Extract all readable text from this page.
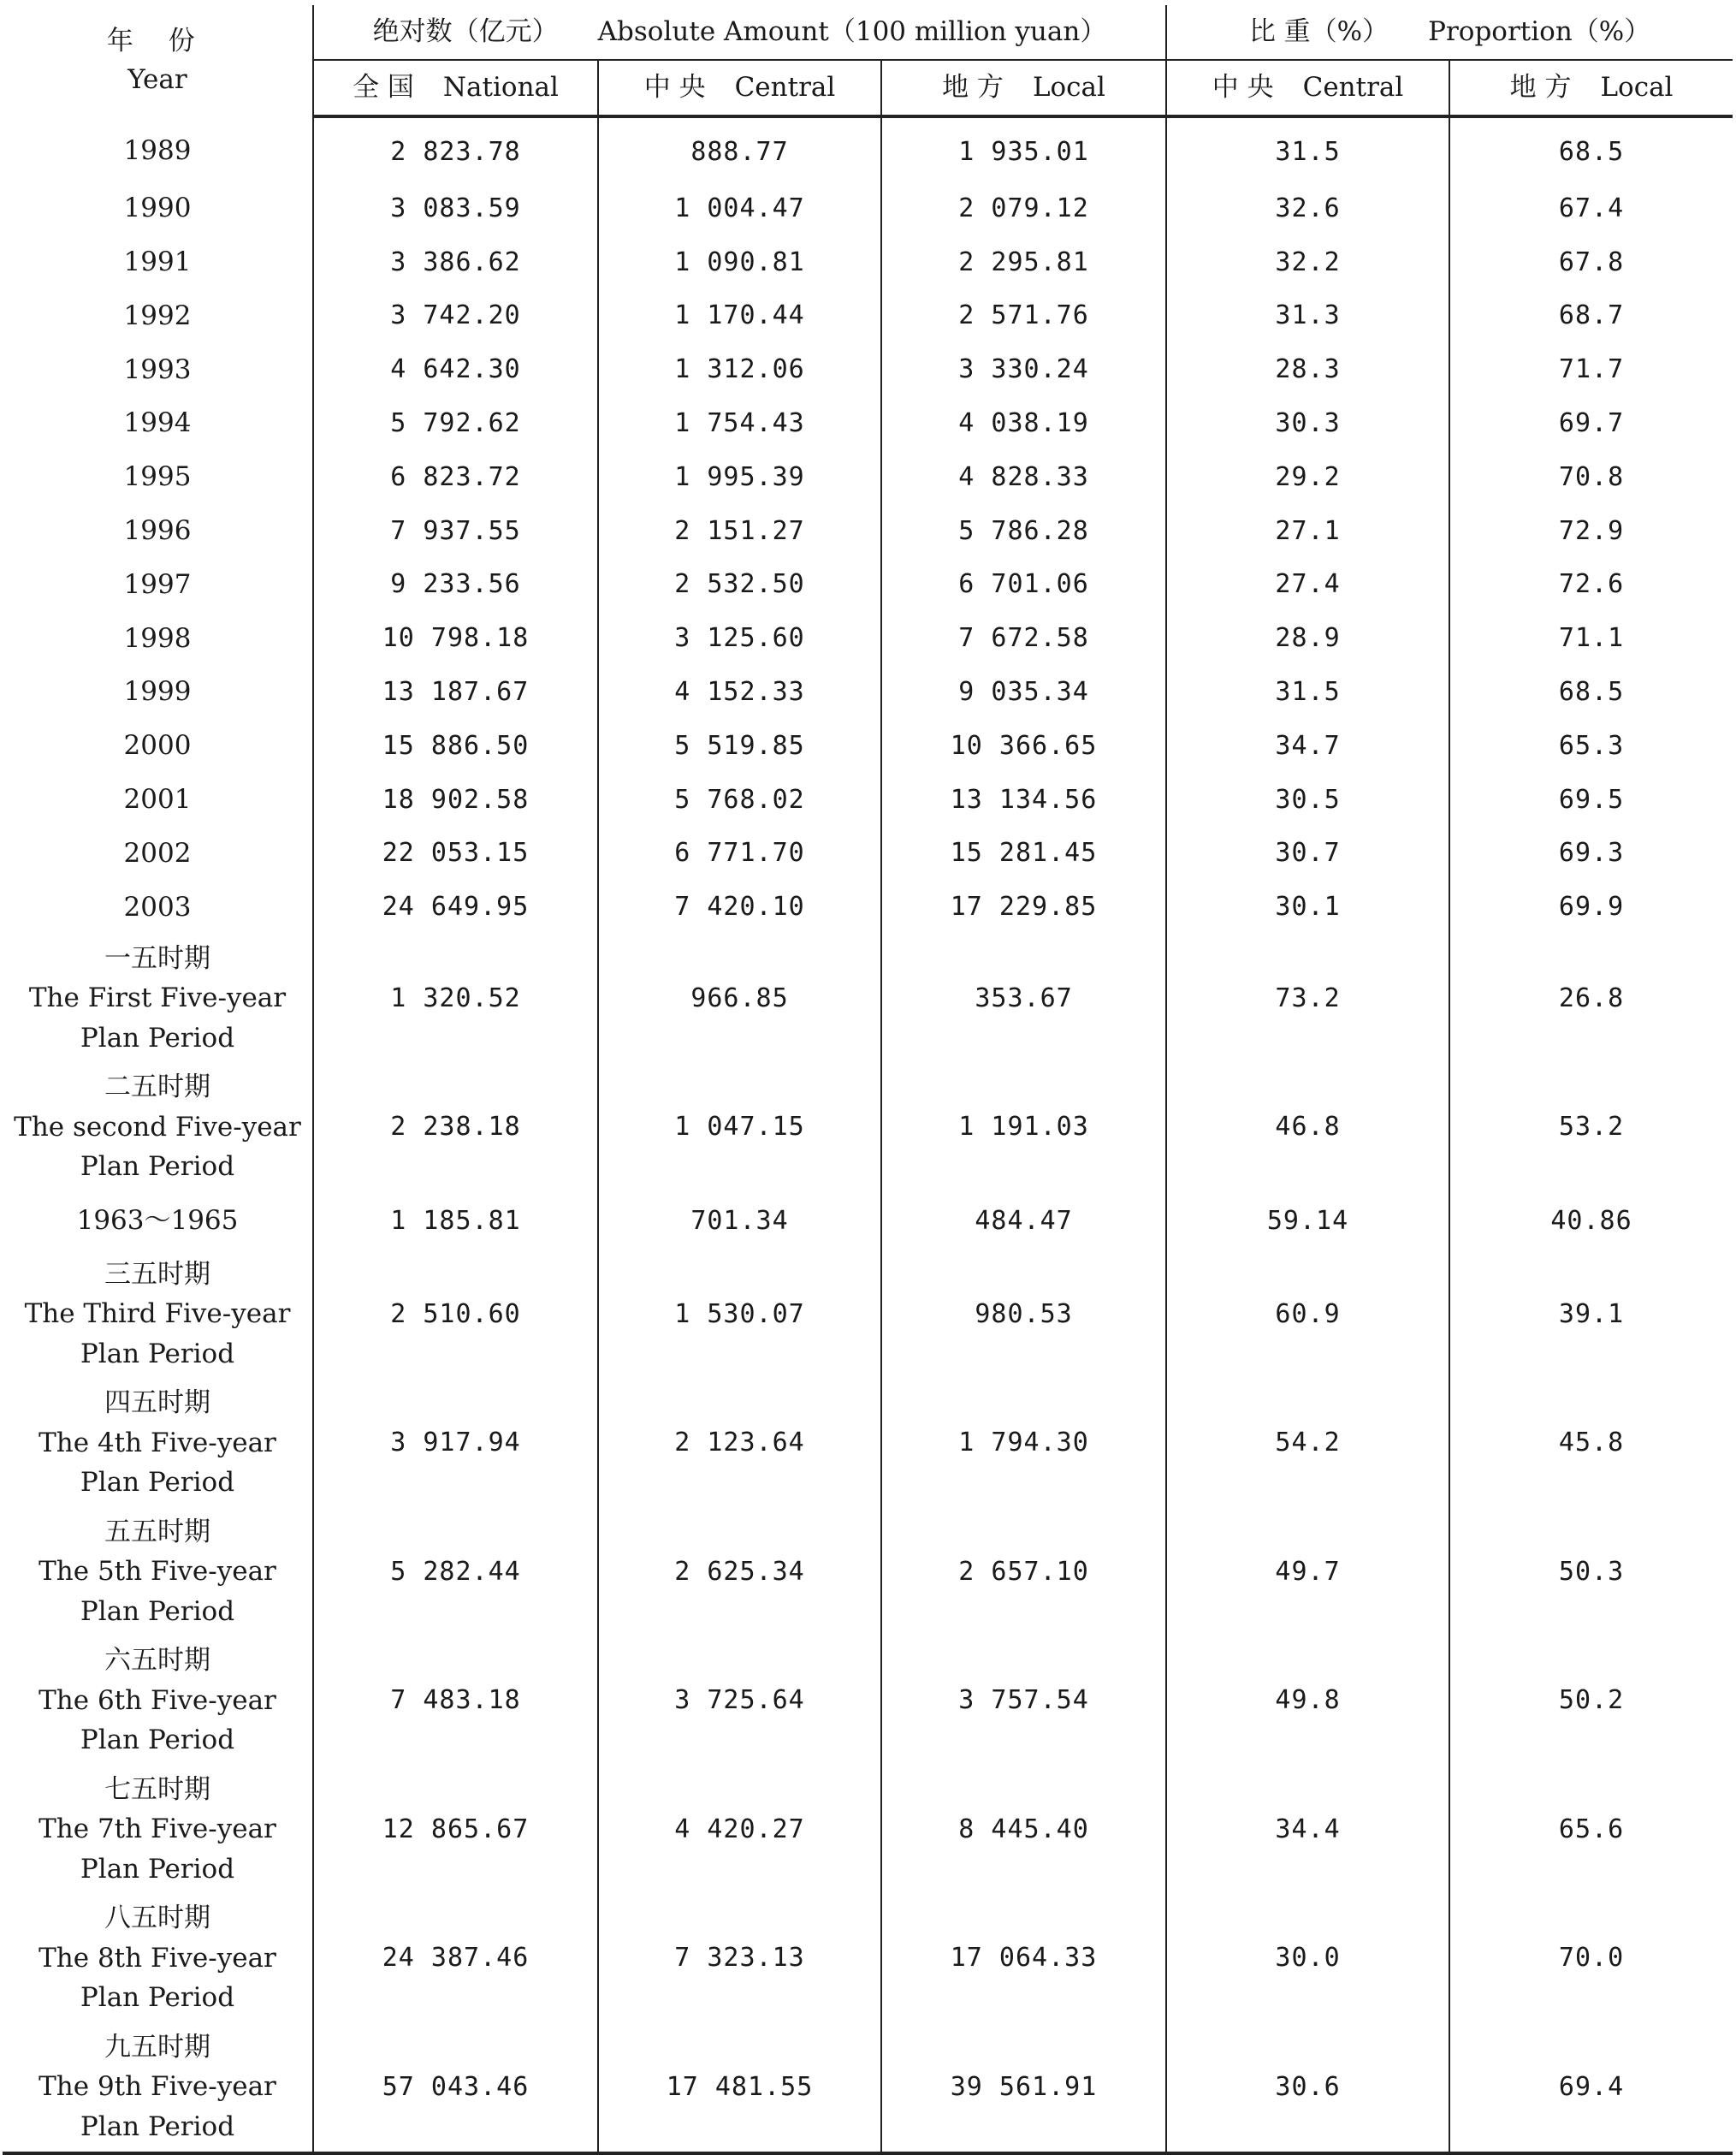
年 份
Year	绝对数（亿元） Absolute Amount（100 million yuan）			比 重（%） Proportion（%）	
	全 国 National	中 央 Central	地 方 Local	中 央 Central	地 方 Local
1989	2 823.78	888.77	1 935.01	31.5	68.5
1990	3 083.59	1 004.47	2 079.12	32.6	67.4
1991	3 386.62	1 090.81	2 295.81	32.2	67.8
1992	3 742.20	1 170.44	2 571.76	31.3	68.7
1993	4 642.30	1 312.06	3 330.24	28.3	71.7
1994	5 792.62	1 754.43	4 038.19	30.3	69.7
1995	6 823.72	1 995.39	4 828.33	29.2	70.8
1996	7 937.55	2 151.27	5 786.28	27.1	72.9
1997	9 233.56	2 532.50	6 701.06	27.4	72.6
1998	10 798.18	3 125.60	7 672.58	28.9	71.1
1999	13 187.67	4 152.33	9 035.34	31.5	68.5
2000	15 886.50	5 519.85	10 366.65	34.7	65.3
2001	18 902.58	5 768.02	13 134.56	30.5	69.5
2002	22 053.15	6 771.70	15 281.45	30.7	69.3
2003	24 649.95	7 420.10	17 229.85	30.1	69.9

一五时期
The First Five-year
Plan Period	1 320.52	966.85	353.67	73.2	26.8

二五时期
The second Five-year
Plan Period	2 238.18	1 047.15	1 191.03	46.8	53.2
1963～1965	1 185.81	701.34	484.47	59.14	40.86

三五时期
The Third Five-year
Plan Period	2 510.60	1 530.07	980.53	60.9	39.1

四五时期
The 4th Five-year
Plan Period	3 917.94	2 123.64	1 794.30	54.2	45.8

五五时期
The 5th Five-year
Plan Period	5 282.44	2 625.34	2 657.10	49.7	50.3

六五时期
The 6th Five-year
Plan Period	7 483.18	3 725.64	3 757.54	49.8	50.2

七五时期
The 7th Five-year
Plan Period	12 865.67	4 420.27	8 445.40	34.4	65.6

八五时期
The 8th Five-year
Plan Period	24 387.46	7 323.13	17 064.33	30.0	70.0

九五时期
The 9th Five-year
Plan Period	57 043.46	17 481.55	39 561.91	30.6	69.4
